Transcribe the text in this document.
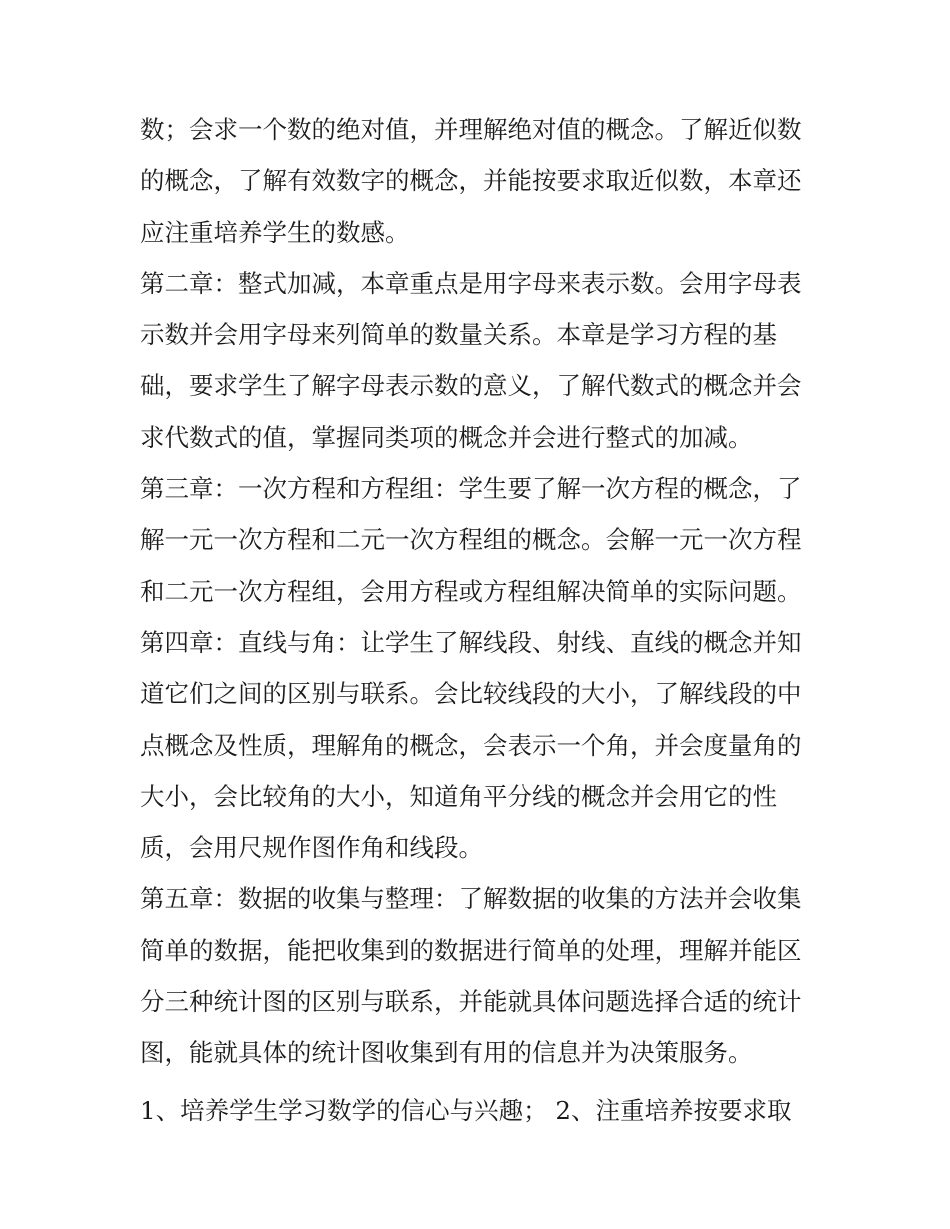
数；会求一个数的绝对值，并理解绝对值的概念。了解近似数
的概念，了解有效数字的概念，并能按要求取近似数，本章还
应注重培养学生的数感。
第二章：整式加减，本章重点是用字母来表示数。会用字母表
示数并会用字母来列简单的数量关系。本章是学习方程的基
础，要求学生了解字母表示数的意义，了解代数式的概念并会
求代数式的值，掌握同类项的概念并会进行整式的加减。
第三章：一次方程和方程组：学生要了解一次方程的概念，了
解一元一次方程和二元一次方程组的概念。会解一元一次方程
和二元一次方程组，会用方程或方程组解决简单的实际问题。
第四章：直线与角：让学生了解线段、射线、直线的概念并知
道它们之间的区别与联系。会比较线段的大小，了解线段的中
点概念及性质，理解角的概念，会表示一个角，并会度量角的
大小，会比较角的大小，知道角平分线的概念并会用它的性
质，会用尺规作图作角和线段。
第五章：数据的收集与整理：了解数据的收集的方法并会收集
简单的数据，能把收集到的数据进行简单的处理，理解并能区
分三种统计图的区别与联系，并能就具体问题选择合适的统计
图，能就具体的统计图收集到有用的信息并为决策服务。
1、培养学生学习数学的信心与兴趣； 2、注重培养按要求取
